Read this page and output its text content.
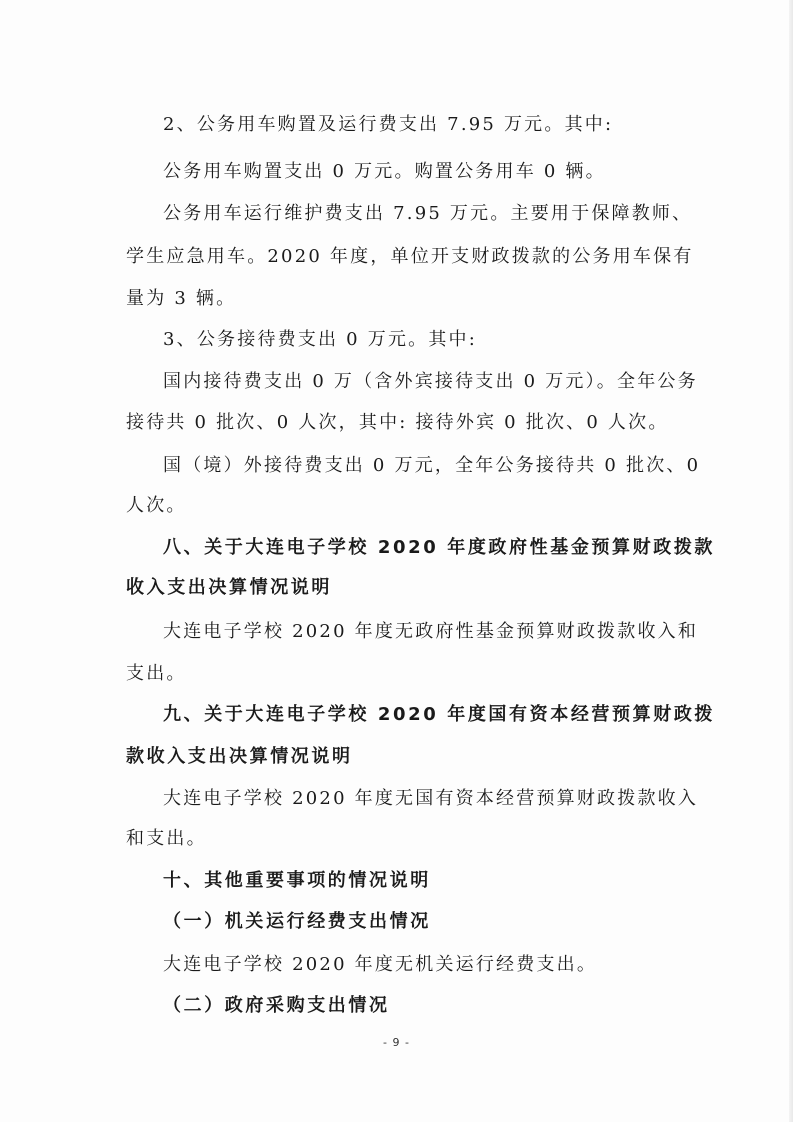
2、公务用车购置及运行费支出 7.95 万元。其中:
公务用车购置支出 0 万元。购置公务用车 0 辆。
公务用车运行维护费支出 7.95 万元。主要用于保障教师、
学生应急用车。2020 年度，单位开支财政拨款的公务用车保有
量为 3 辆。
3、公务接待费支出 0 万元。其中:
国内接待费支出 0 万（含外宾接待支出 0 万元）。全年公务
接待共 0 批次、0 人次，其中: 接待外宾 0 批次、0 人次。
国（境）外接待费支出 0 万元，全年公务接待共 0 批次、0
人次。
八、关于大连电子学校 2020 年度政府性基金预算财政拨款
收入支出决算情况说明
大连电子学校 2020 年度无政府性基金预算财政拨款收入和
支出。
九、关于大连电子学校 2020 年度国有资本经营预算财政拨
款收入支出决算情况说明
大连电子学校 2020 年度无国有资本经营预算财政拨款收入
和支出。
十、其他重要事项的情况说明
（一）机关运行经费支出情况
大连电子学校 2020 年度无机关运行经费支出。
（二）政府采购支出情况
- 9 -
